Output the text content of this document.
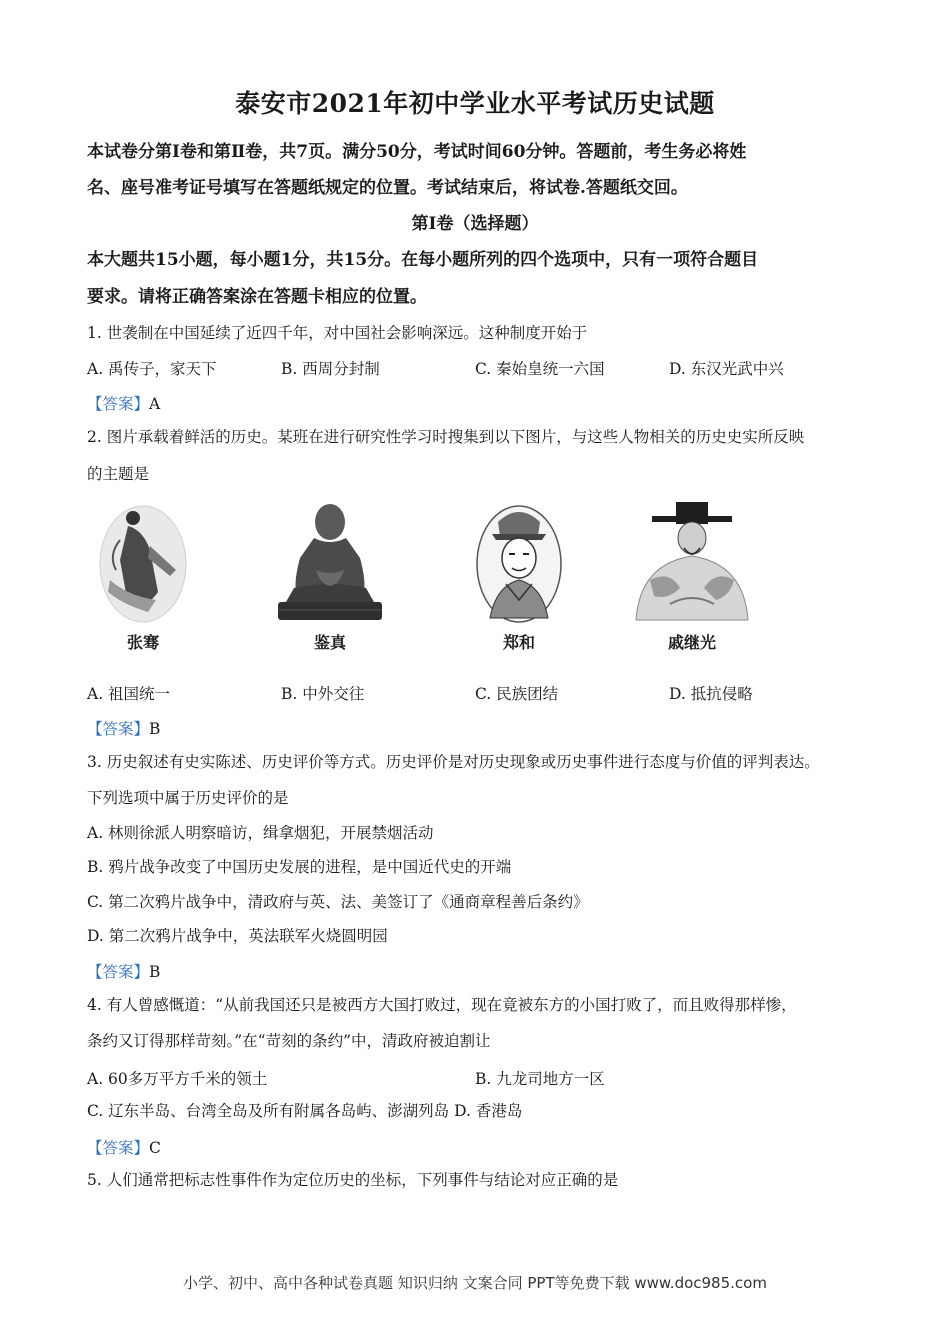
泰安市2021年初中学业水平考试历史试题
本试卷分第Ⅰ卷和第Ⅱ卷，共7页。满分50分，考试时间60分钟。答题前，考生务必将姓
名、座号准考证号填写在答题纸规定的位置。考试结束后，将试卷.答题纸交回。
第Ⅰ卷（选择题）
本大题共15小题，每小题1分，共15分。在每小题所列的四个选项中，只有一项符合题目
要求。请将正确答案涂在答题卡相应的位置。
1. 世袭制在中国延续了近四千年，对中国社会影响深远。这种制度开始于
A. 禹传子，家天下	B. 西周分封制	C. 秦始皇统一六国	D. 东汉光武中兴
【答案】A
2. 图片承载着鲜活的历史。某班在进行研究性学习时搜集到以下图片，与这些人物相关的历史史实所反映
的主题是
张骞	鉴真	郑和	戚继光
A. 祖国统一	B. 中外交往	C. 民族团结	D. 抵抗侵略
【答案】B
3. 历史叙述有史实陈述、历史评价等方式。历史评价是对历史现象或历史事件进行态度与价值的评判表达。
下列选项中属于历史评价的是
A. 林则徐派人明察暗访，缉拿烟犯，开展禁烟活动
B. 鸦片战争改变了中国历史发展的进程，是中国近代史的开端
C. 第二次鸦片战争中，清政府与英、法、美签订了《通商章程善后条约》
D. 第二次鸦片战争中，英法联军火烧圆明园
【答案】B
4. 有人曾感慨道：“从前我国还只是被西方大国打败过，现在竟被东方的小国打败了，而且败得那样惨，
条约又订得那样苛刻。”在“苛刻的条约”中，清政府被迫割让
A. 60多万平方千米的领土	B. 九龙司地方一区
C. 辽东半岛、台湾全岛及所有附属各岛屿、澎湖列岛 D. 香港岛
【答案】C
5. 人们通常把标志性事件作为定位历史的坐标，下列事件与结论对应正确的是
小学、初中、高中各种试卷真题 知识归纳 文案合同 PPT等免费下载 www.doc985.com
